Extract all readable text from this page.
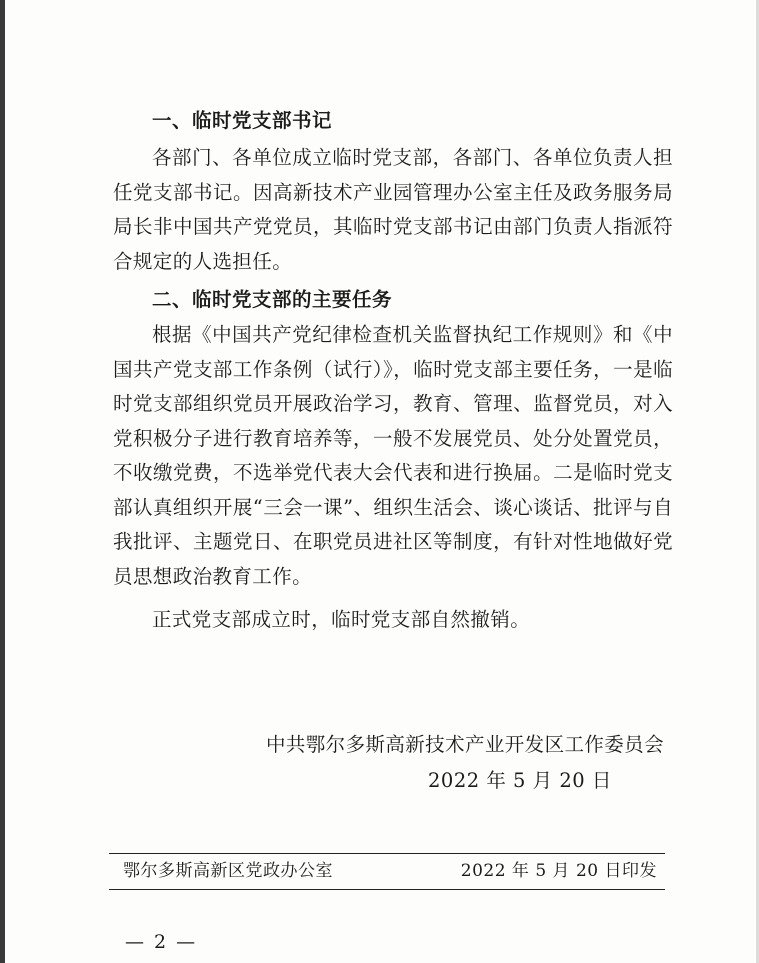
一、临时党支部书记
各部门、各单位成立临时党支部，各部门、各单位负责人担任党支部书记。因高新技术产业园管理办公室主任及政务服务局局长非中国共产党党员，其临时党支部书记由部门负责人指派符合规定的人选担任。
二、临时党支部的主要任务
根据《中国共产党纪律检查机关监督执纪工作规则》和《中国共产党支部工作条例（试行）》，临时党支部主要任务，一是临时党支部组织党员开展政治学习，教育、管理、监督党员，对入党积极分子进行教育培养等，一般不发展党员、处分处置党员，不收缴党费，不选举党代表大会代表和进行换届。二是临时党支部认真组织开展“三会一课”、组织生活会、谈心谈话、批评与自我批评、主题党日、在职党员进社区等制度，有针对性地做好党员思想政治教育工作。
正式党支部成立时，临时党支部自然撤销。
中共鄂尔多斯高新技术产业开发区工作委员会
2022 年 5 月 20 日
鄂尔多斯高新区党政办公室	2022 年 5 月 20 日印发
— 2 —
